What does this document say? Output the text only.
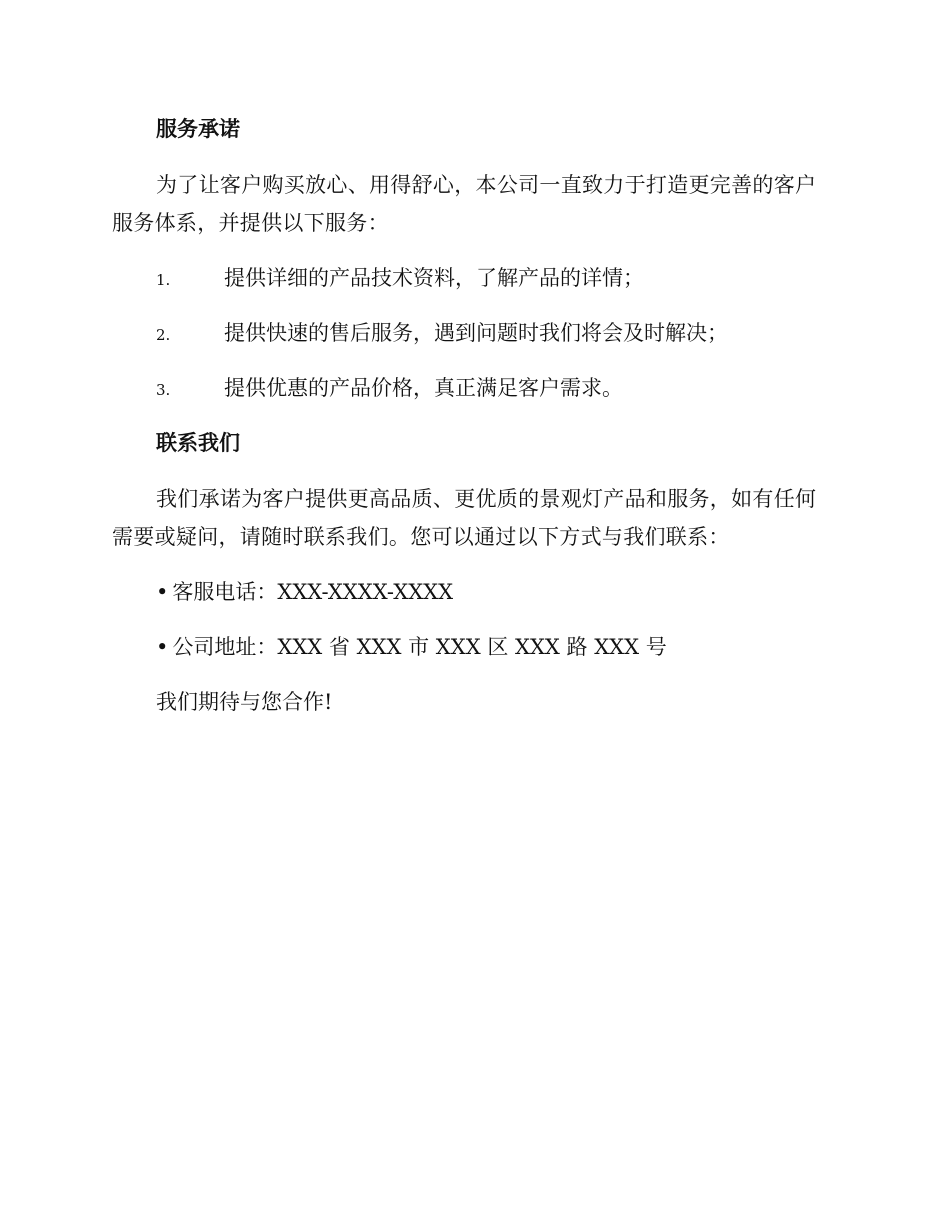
服务承诺

为了让客户购买放心、用得舒心，本公司一直致力于打造更完善的客户服务体系，并提供以下服务：

1.	提供详细的产品技术资料，了解产品的详情；
2.	提供快速的售后服务，遇到问题时我们将会及时解决；
3.	提供优惠的产品价格，真正满足客户需求。
联系我们

我们承诺为客户提供更高品质、更优质的景观灯产品和服务，如有任何需要或疑问，请随时联系我们。您可以通过以下方式与我们联系：

• 客服电话：XXX-XXXX-XXXX
• 公司地址：XXX 省 XXX 市 XXX 区 XXX 路 XXX 号

我们期待与您合作!
